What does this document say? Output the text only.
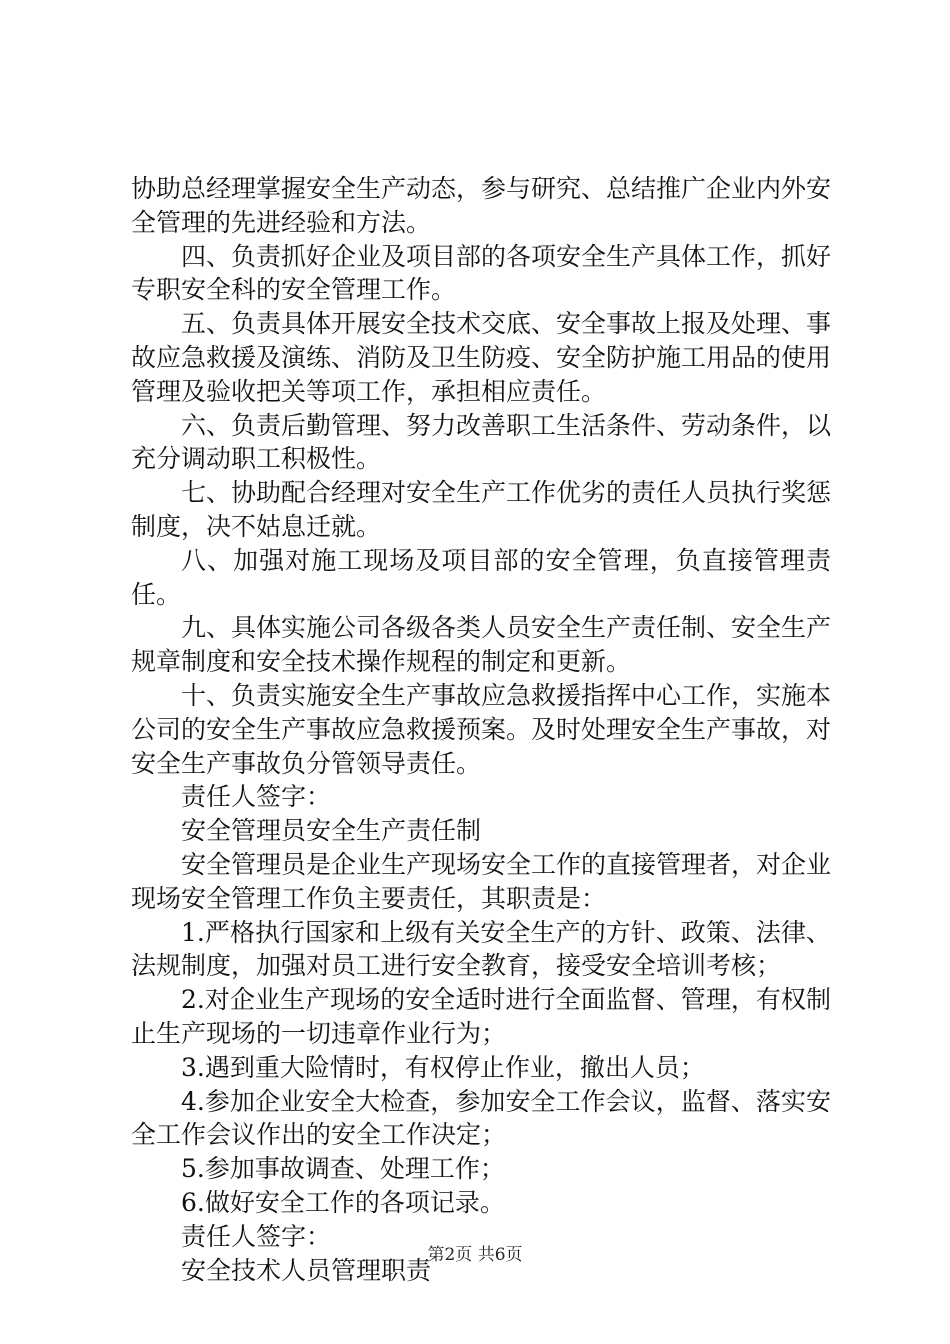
协助总经理掌握安全生产动态，参与研究、总结推广企业内外安全管理的先进经验和方法。

四、负责抓好企业及项目部的各项安全生产具体工作，抓好专职安全科的安全管理工作。

五、负责具体开展安全技术交底、安全事故上报及处理、事故应急救援及演练、消防及卫生防疫、安全防护施工用品的使用管理及验收把关等项工作，承担相应责任。

六、负责后勤管理、努力改善职工生活条件、劳动条件，以充分调动职工积极性。

七、协助配合经理对安全生产工作优劣的责任人员执行奖惩制度，决不姑息迁就。

八、加强对施工现场及项目部的安全管理，负直接管理责任。

九、具体实施公司各级各类人员安全生产责任制、安全生产规章制度和安全技术操作规程的制定和更新。

十、负责实施安全生产事故应急救援指挥中心工作，实施本公司的安全生产事故应急救援预案。及时处理安全生产事故，对安全生产事故负分管领导责任。

责任人签字：

安全管理员安全生产责任制

安全管理员是企业生产现场安全工作的直接管理者，对企业现场安全管理工作负主要责任，其职责是：

1.严格执行国家和上级有关安全生产的方针、政策、法律、法规制度，加强对员工进行安全教育，接受安全培训考核；

2.对企业生产现场的安全适时进行全面监督、管理，有权制止生产现场的一切违章作业行为；

3.遇到重大险情时，有权停止作业，撤出人员；

4.参加企业安全大检查，参加安全工作会议，监督、落实安全工作会议作出的安全工作决定；

5.参加事故调查、处理工作；

6.做好安全工作的各项记录。

责任人签字：

安全技术人员管理职责

第2页 共6页
